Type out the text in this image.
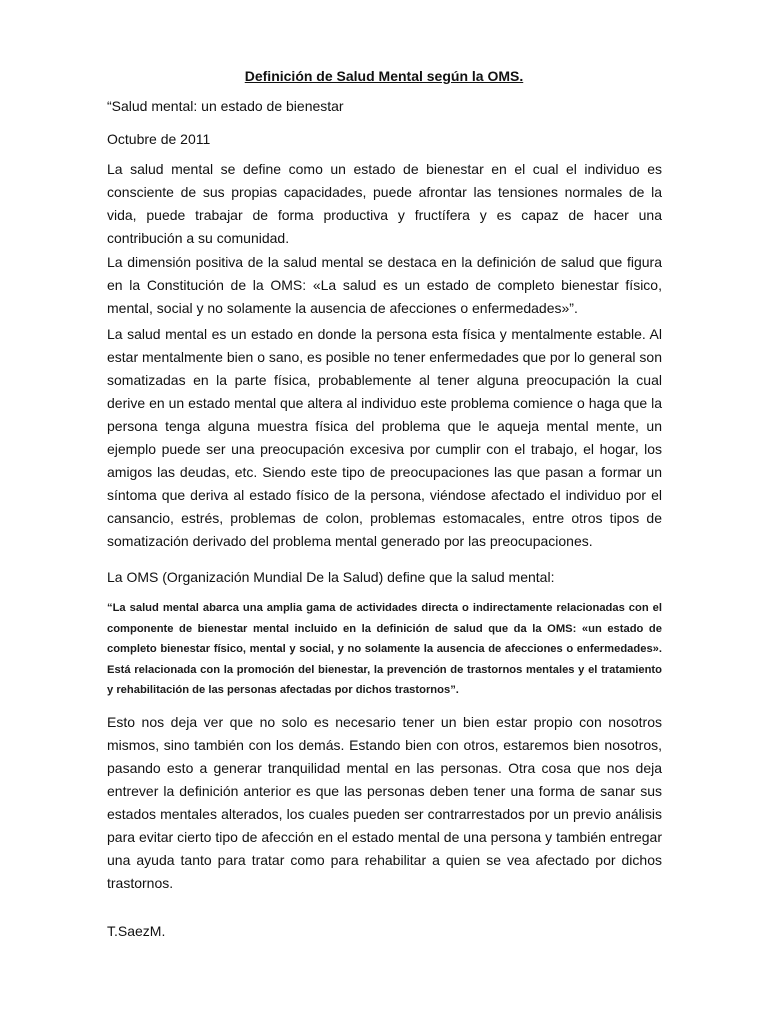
Definición de Salud Mental según la OMS.

“Salud mental: un estado de bienestar

Octubre de 2011

La salud mental se define como un estado de bienestar en el cual el individuo es consciente de sus propias capacidades, puede afrontar las tensiones normales de la vida, puede trabajar de forma productiva y fructífera y es capaz de hacer una contribución a su comunidad.

La dimensión positiva de la salud mental se destaca en la definición de salud que figura en la Constitución de la OMS: «La salud es un estado de completo bienestar físico, mental, social y no solamente la ausencia de afecciones o enfermedades»”.

La salud mental es un estado en donde la persona esta física y mentalmente estable. Al estar mentalmente bien o sano, es posible no tener enfermedades que por lo general son somatizadas en la parte física, probablemente al tener alguna preocupación la cual derive en un estado mental que altera al individuo este problema comience o haga que la persona tenga alguna muestra física del problema que le aqueja mental mente, un ejemplo puede ser una preocupación excesiva por cumplir con el trabajo, el hogar, los amigos las deudas, etc. Siendo este tipo de preocupaciones las que pasan a formar un síntoma que deriva al estado físico de la persona, viéndose afectado el individuo por el cansancio, estrés, problemas de colon, problemas estomacales, entre otros tipos de somatización derivado del problema mental generado por las preocupaciones.

La OMS (Organización Mundial De la Salud) define que la salud mental:

“La salud mental abarca una amplia gama de actividades directa o indirectamente relacionadas con el componente de bienestar mental incluido en la definición de salud que da la OMS: «un estado de completo bienestar físico, mental y social, y no solamente la ausencia de afecciones o enfermedades». Está relacionada con la promoción del bienestar, la prevención de trastornos mentales y el tratamiento y rehabilitación de las personas afectadas por dichos trastornos”.

Esto nos deja ver que no solo es necesario tener un bien estar propio con nosotros mismos, sino también con los demás. Estando bien con otros, estaremos bien nosotros, pasando esto a generar tranquilidad mental en las personas. Otra cosa que nos deja entrever la definición anterior es que las personas deben tener una forma de sanar sus estados mentales alterados, los cuales pueden ser contrarrestados por un previo análisis para evitar cierto tipo de afección en el estado mental de una persona y también entregar una ayuda tanto para tratar como para rehabilitar a quien se vea afectado por dichos trastornos.

T.SaezM.
